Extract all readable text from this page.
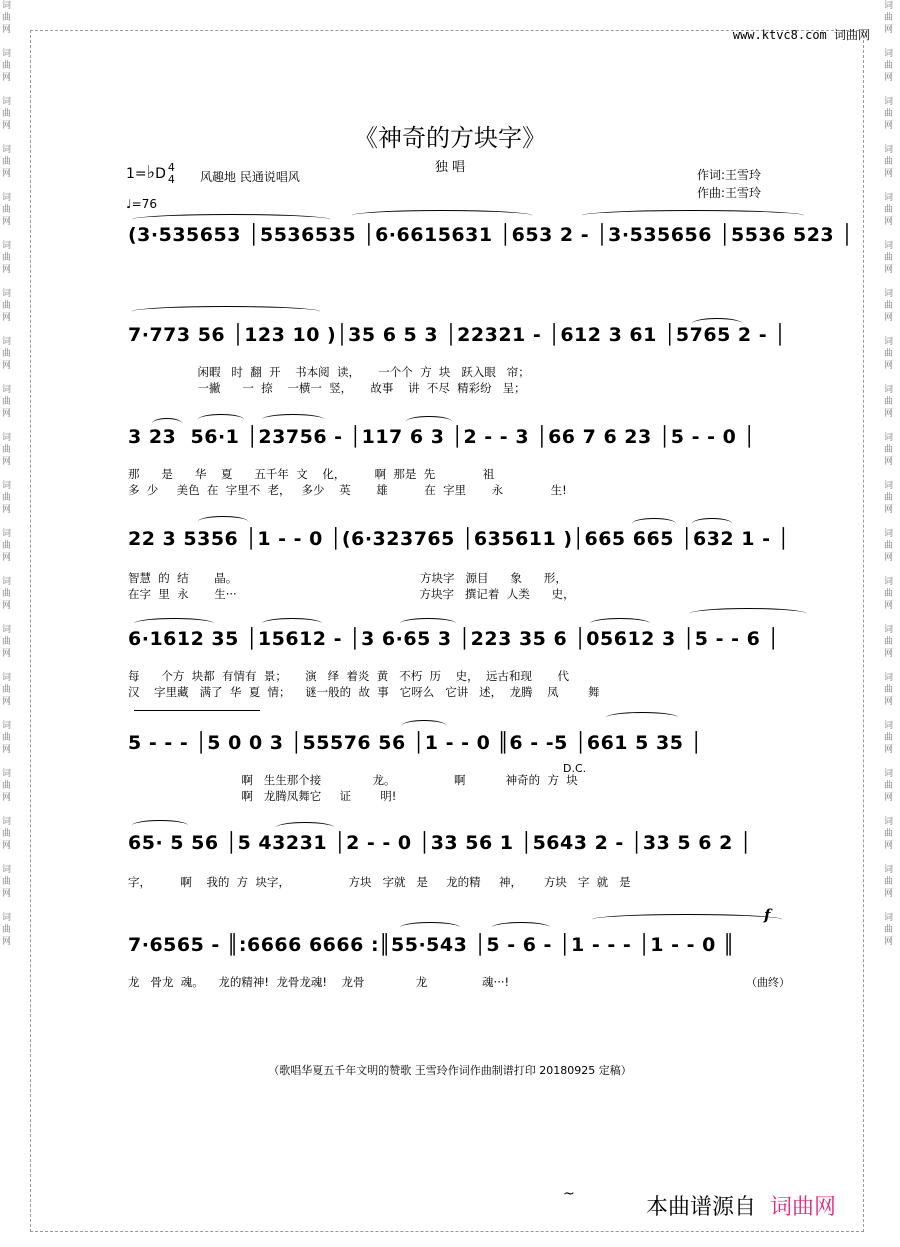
词
曲
网

词
曲
网

词
曲
网

词
曲
网

词
曲
网

词
曲
网

词
曲
网

词
曲
网

词
曲
网

词
曲
网

词
曲
网

词
曲
网

词
曲
网

词
曲
网

词
曲
网

词
曲
网

词
曲
网

词
曲
网

词
曲
网

词
曲
网
词
曲
网

词
曲
网

词
曲
网

词
曲
网

词
曲
网

词
曲
网

词
曲
网

词
曲
网

词
曲
网

词
曲
网

词
曲
网

词
曲
网

词
曲
网

词
曲
网

词
曲
网

词
曲
网

词
曲
网

词
曲
网

词
曲
网

词
曲
网
www.ktvc8.com 词曲网
《神奇的方块字》
独 唱
1=♭D 4
4 风趣地 民通说唱风
♩=76
作词:王雪玲
作曲:王雪玲
(3·535653 │5536535 │6·6615631 │653 2 - │3·535656 │5536 523 │
7·773 56 │123 10 )│35 6 5 3 │22321 - │612 3 61 │5765 2 - │
闲暇   时  翻  开    书本阅  读，     一个个  方  块   跃入眼   帘；
一撇      一  捺    一横一  竖，     故事    讲  不尽  精彩纷   呈；
3 23  56·1 │23756 - │117 6 3 │2 - - 3 │66 7 6 23 │5 - - 0 │
那      是      华    夏      五千年  文    化，        啊  那是  先             祖
多  少     美色  在  字里不  老，   多少    英       雄          在  字里       永             生!
22 3 5356 │1 - - 0 │(6·323765 │635611 )│665 665 │632 1 - │
智慧  的  结       晶。                                                  方块字   源目      象      形，
在字  里  永       生···                                                  方块字   撰记着  人类      史，
6·1612 35 │15612 - │3 6·65 3 │223 35 6 │05612 3 │5 - - 6 │
每      个方  块都  有情有  景；     演   绎  着炎  黄   不朽  历    史，  远古和现       代
汉    字里藏   满了  华  夏  情；    谜一般的  故  事   它呀么   它讲   述，  龙腾    凤        舞
5 - - - │5 0 0 3 │55576 56 │1 - - 0 ║6 - -5 │661 5 35 │
啊   生生那个接              龙。                啊           神奇的  方  块
啊   龙腾凤舞它     证        明!
D.C.
65· 5 56 │5 43231 │2 - - 0 │33 56 1 │5643 2 - │33 5 6 2 │
字，        啊    我的  方  块字，                方块   字就   是     龙的精     神，      方块   字  就   是
7·6565 - ║:6666 6666 :║55·543 │5 - 6 - │1 - - - │1 - - 0 ║
f
龙   骨龙  魂。    龙的精神!  龙骨龙魂!    龙骨              龙               魂···!	（曲终）
（歌唱华夏五千年文明的赞歌 王雪玲作词作曲制谱打印 20180925 定稿）
~
本曲谱源自 词曲网
